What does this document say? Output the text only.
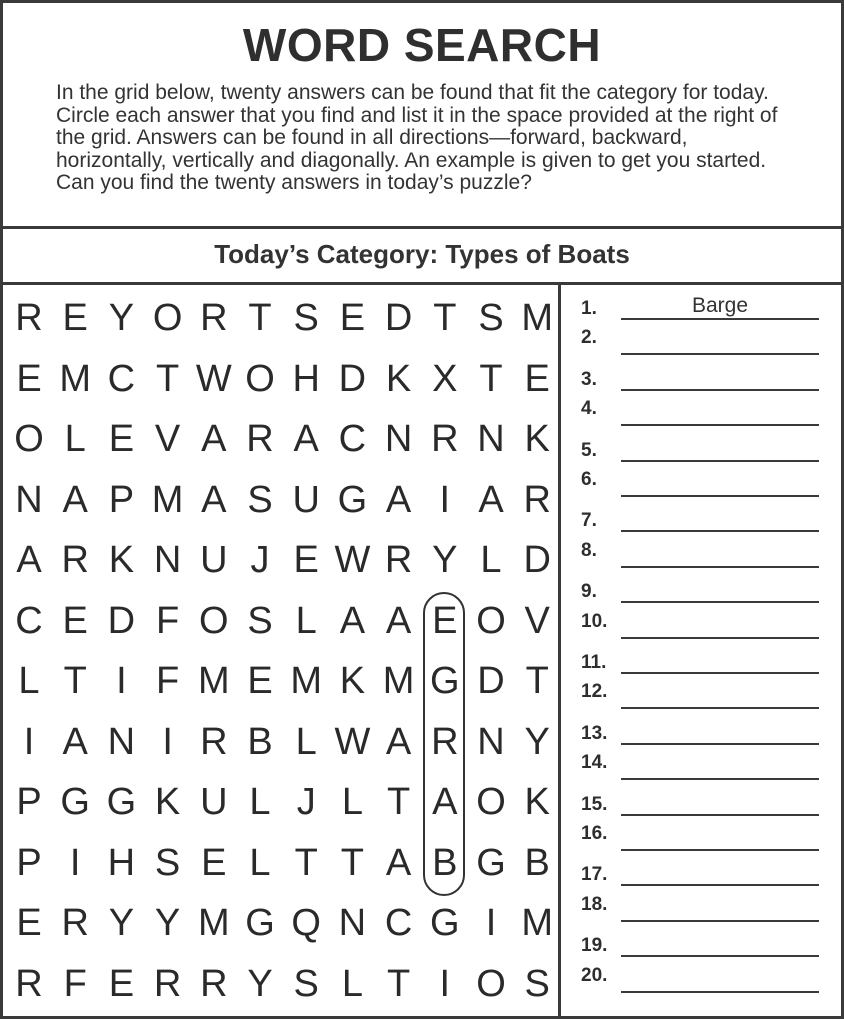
WORD SEARCH
In the grid below, twenty answers can be found that fit the category for today. Circle each answer that you find and list it in the space provided at the right of the grid. Answers can be found in all directions—forward, backward, horizontally, vertically and diagonally. An example is given to get you started. Can you find the twenty answers in today’s puzzle?
Today’s Category: Types of Boats
R E Y O R T S E D T S M
E M C T W O H D K X T E
O L E V A R A C N R N K
N A P M A S U G A I A R
A R K N U J E W R Y L D
C E D F O S L A A E O V
L T I F M E M K M G D T
I A N I R B L W A R N Y
P G G K U L J L T A O K
P I H S E L T T A B G B
E R Y Y M G Q N C G I M
R F E R R Y S L T I O S
1.	Barge
2.
3.
4.
5.
6.
7.
8.
9.
10.
11.
12.
13.
14.
15.
16.
17.
18.
19.
20.
